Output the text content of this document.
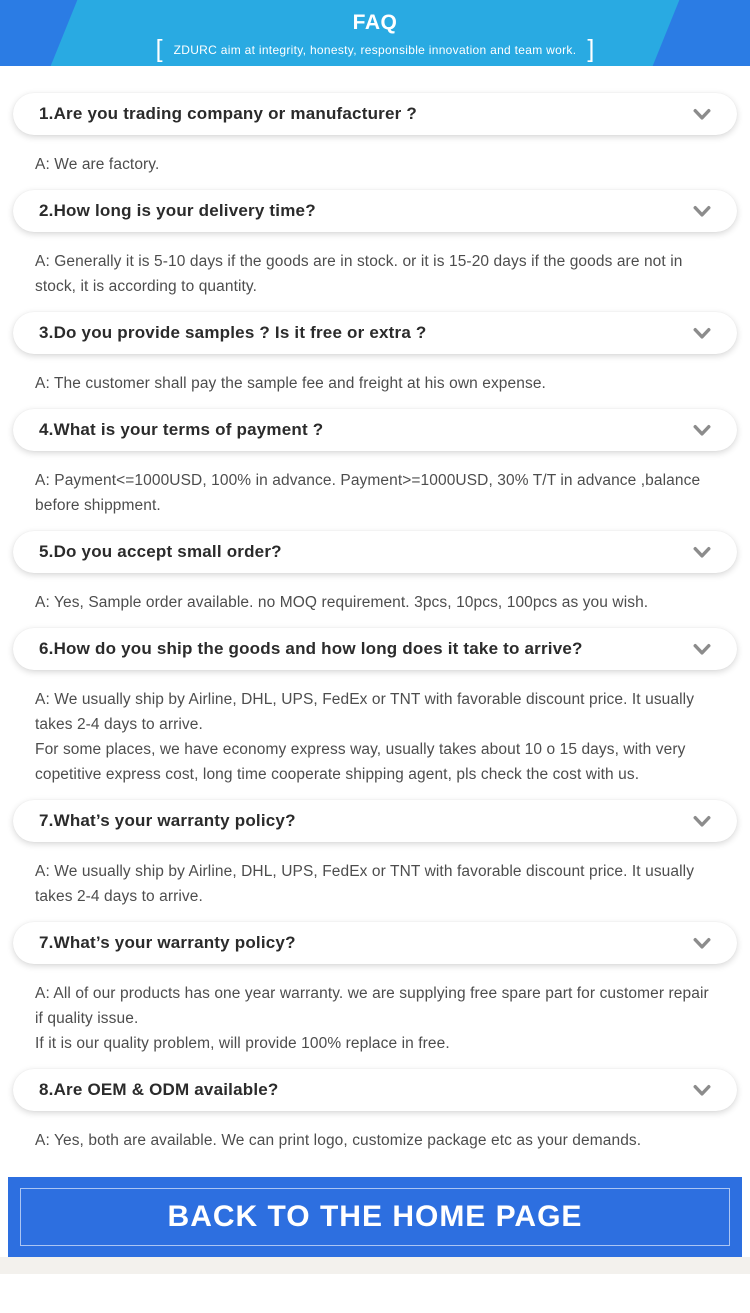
FAQ
[ ZDURC aim at integrity, honesty, responsible innovation and team work. ]
1.Are you trading company or manufacturer ?

A: We are factory.

2.How long is your delivery time?

A: Generally it is 5-10 days if the goods are in stock. or it is 15-20 days if the goods are not in stock, it is according to quantity.

3.Do you provide samples ? Is it free or extra ?

A: The customer shall pay the sample fee and freight at his own expense.

4.What is your terms of payment ?

A: Payment<=1000USD, 100% in advance. Payment>=1000USD, 30% T/T in advance ,balance before shippment.

5.Do you accept small order?

A: Yes, Sample order available. no MOQ requirement. 3pcs, 10pcs, 100pcs as you wish.

6.How do you ship the goods and how long does it take to arrive?

A: We usually ship by Airline, DHL, UPS, FedEx or TNT with favorable discount price. It usually takes 2-4 days to arrive.

For some places, we have economy express way, usually takes about 10 o 15 days, with very copetitive express cost, long time cooperate shipping agent, pls check the cost with us.

7.What’s your warranty policy?

A: We usually ship by Airline, DHL, UPS, FedEx or TNT with favorable discount price. It usually takes 2-4 days to arrive.

7.What’s your warranty policy?

A: All of our products has one year warranty. we are supplying free spare part for customer repair if quality issue.

If it is our quality problem, will provide 100% replace in free.

8.Are OEM & ODM available?

A: Yes, both are available. We can print logo, customize package etc as your demands.

BACK TO THE HOME PAGE
